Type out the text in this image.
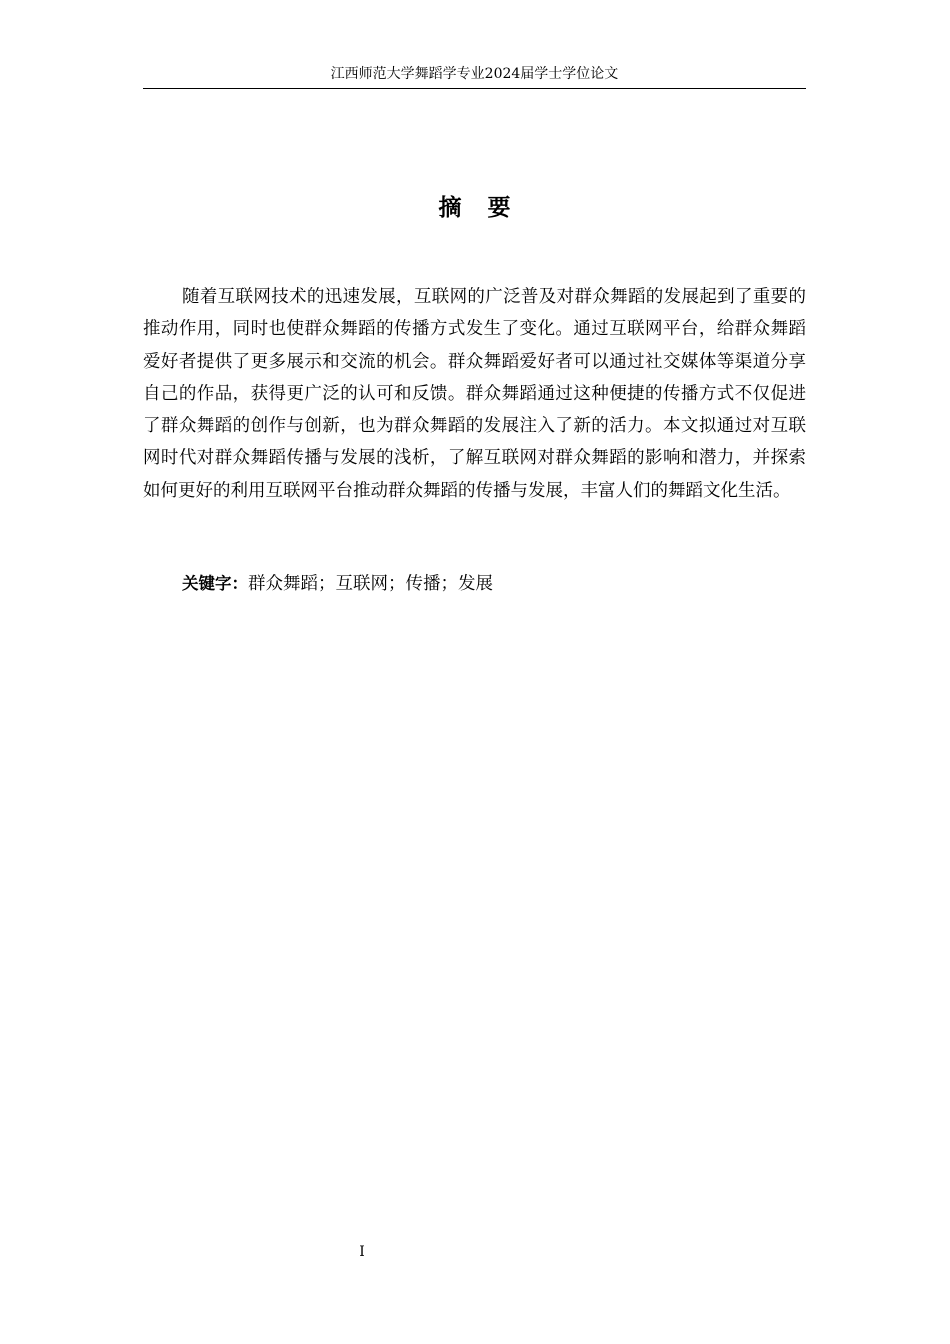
江西师范大学舞蹈学专业2024届学士学位论文
摘要

随着互联网技术的迅速发展，互联网的广泛普及对群众舞蹈的发展起到了重要的推动作用，同时也使群众舞蹈的传播方式发生了变化。通过互联网平台，给群众舞蹈爱好者提供了更多展示和交流的机会。群众舞蹈爱好者可以通过社交媒体等渠道分享自己的作品，获得更广泛的认可和反馈。群众舞蹈通过这种便捷的传播方式不仅促进了群众舞蹈的创作与创新，也为群众舞蹈的发展注入了新的活力。本文拟通过对互联网时代对群众舞蹈传播与发展的浅析，了解互联网对群众舞蹈的影响和潜力，并探索如何更好的利用互联网平台推动群众舞蹈的传播与发展，丰富人们的舞蹈文化生活。

关键字：群众舞蹈；互联网；传播；发展
I
